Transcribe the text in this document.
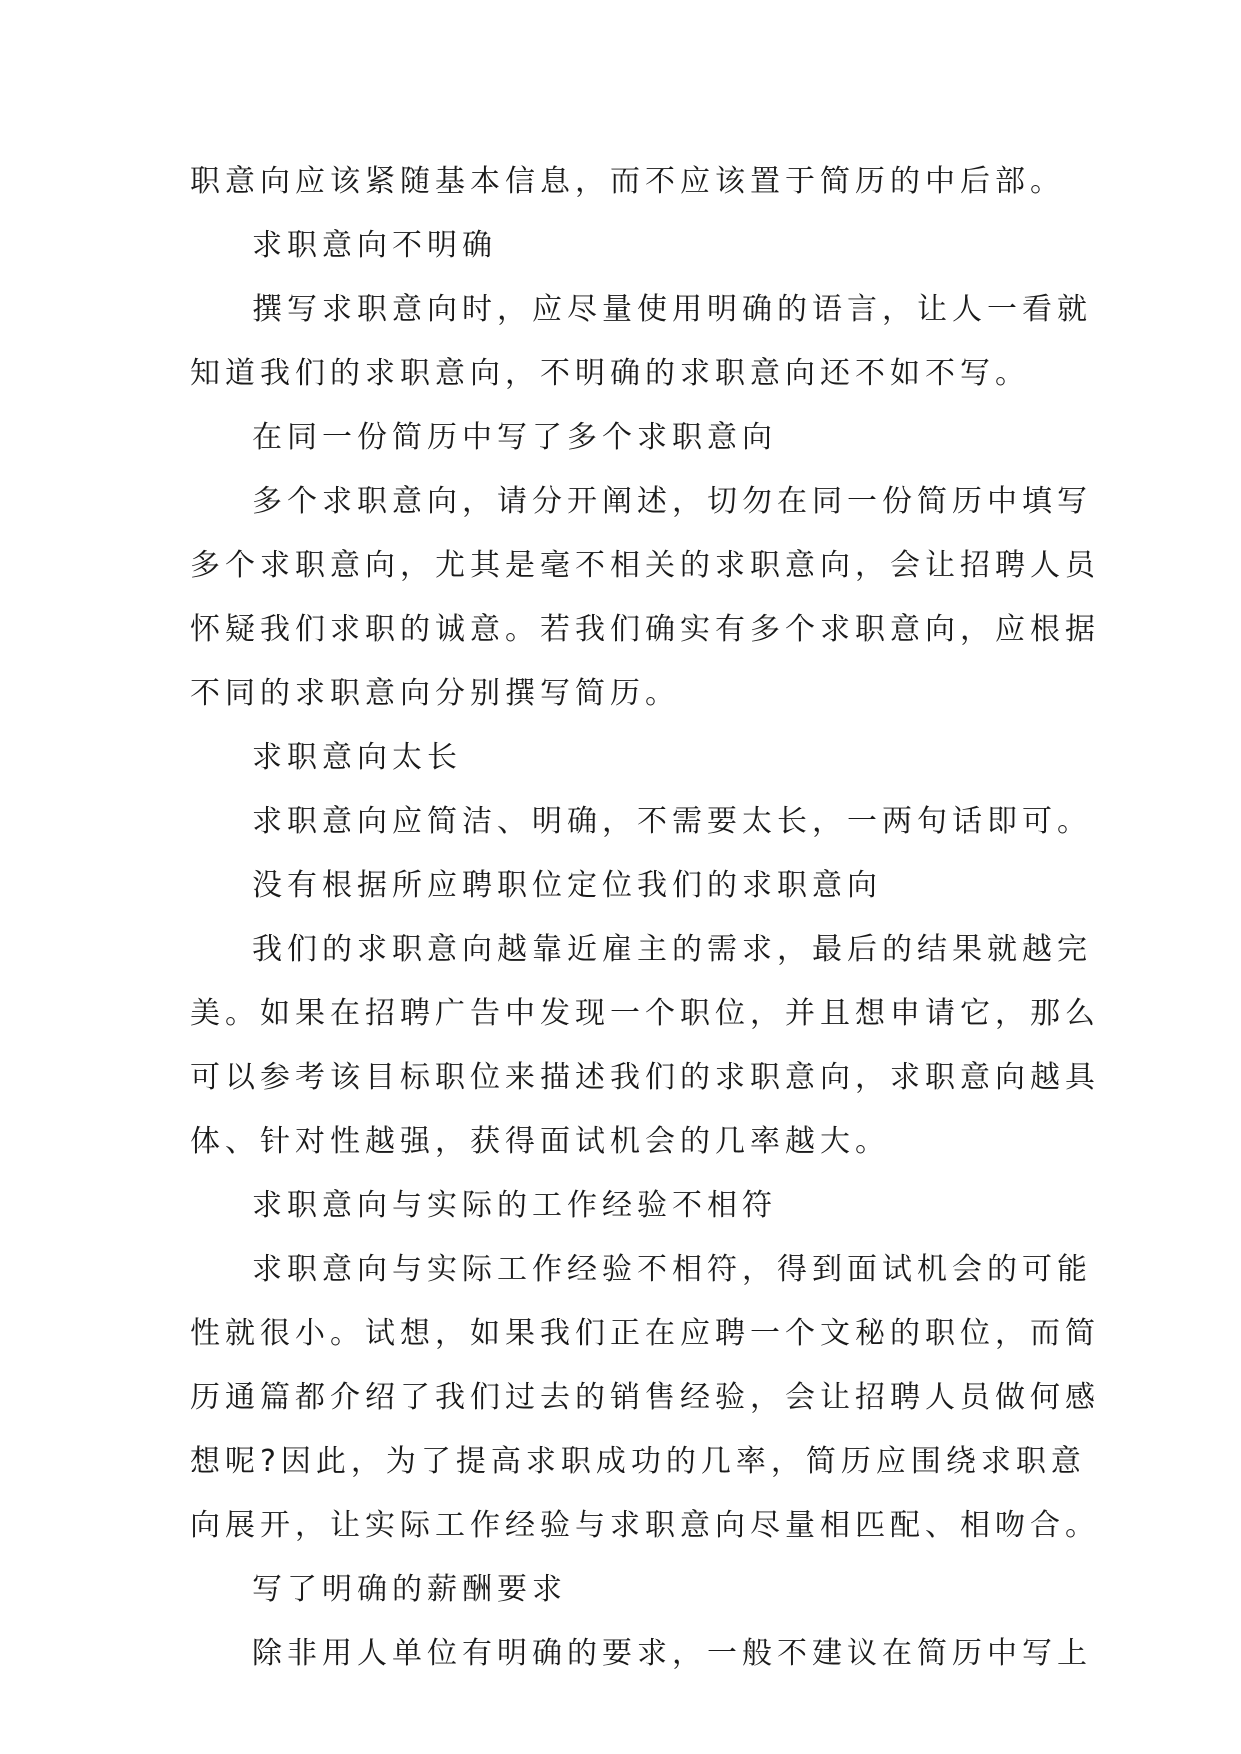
职意向应该紧随基本信息，而不应该置于简历的中后部。
求职意向不明确
撰写求职意向时，应尽量使用明确的语言，让人一看就
知道我们的求职意向，不明确的求职意向还不如不写。
在同一份简历中写了多个求职意向
多个求职意向，请分开阐述，切勿在同一份简历中填写
多个求职意向，尤其是毫不相关的求职意向，会让招聘人员
怀疑我们求职的诚意。若我们确实有多个求职意向，应根据
不同的求职意向分别撰写简历。
求职意向太长
求职意向应简洁、明确，不需要太长，一两句话即可。
没有根据所应聘职位定位我们的求职意向
我们的求职意向越靠近雇主的需求，最后的结果就越完
美。如果在招聘广告中发现一个职位，并且想申请它，那么
可以参考该目标职位来描述我们的求职意向，求职意向越具
体、针对性越强，获得面试机会的几率越大。
求职意向与实际的工作经验不相符
求职意向与实际工作经验不相符，得到面试机会的可能
性就很小。试想，如果我们正在应聘一个文秘的职位，而简
历通篇都介绍了我们过去的销售经验，会让招聘人员做何感
想呢?因此，为了提高求职成功的几率，简历应围绕求职意
向展开，让实际工作经验与求职意向尽量相匹配、相吻合。
写了明确的薪酬要求
除非用人单位有明确的要求，一般不建议在简历中写上
